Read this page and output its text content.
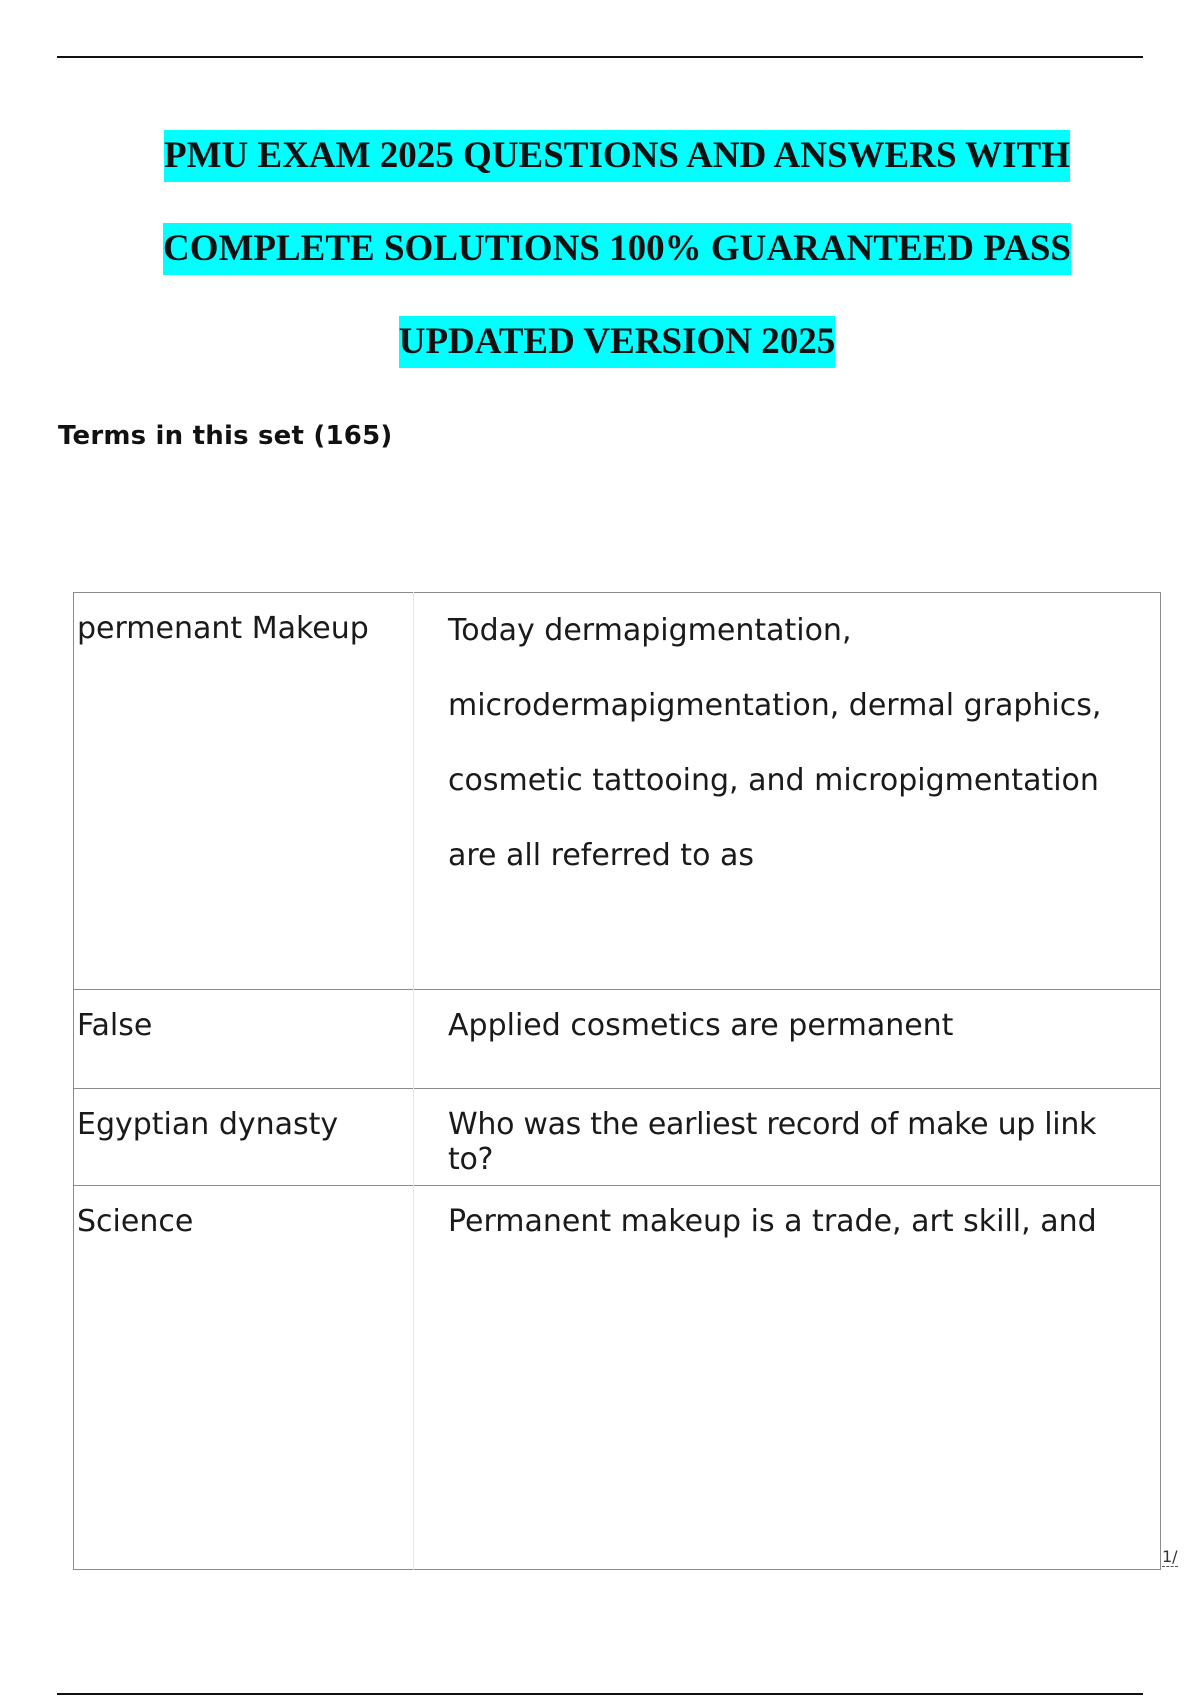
PMU EXAM 2025 QUESTIONS AND ANSWERS WITH
COMPLETE SOLUTIONS 100% GUARANTEED PASS
UPDATED VERSION 2025
Terms in this set (165)
permenant Makeup	Today dermapigmentation, microdermapigmentation, dermal graphics, cosmetic tattooing, and micropigmentation are all referred to as
False	Applied cosmetics are permanent
Egyptian dynasty	Who was the earliest record of make up link to?
Science	Permanent makeup is a trade, art skill, and
1/
